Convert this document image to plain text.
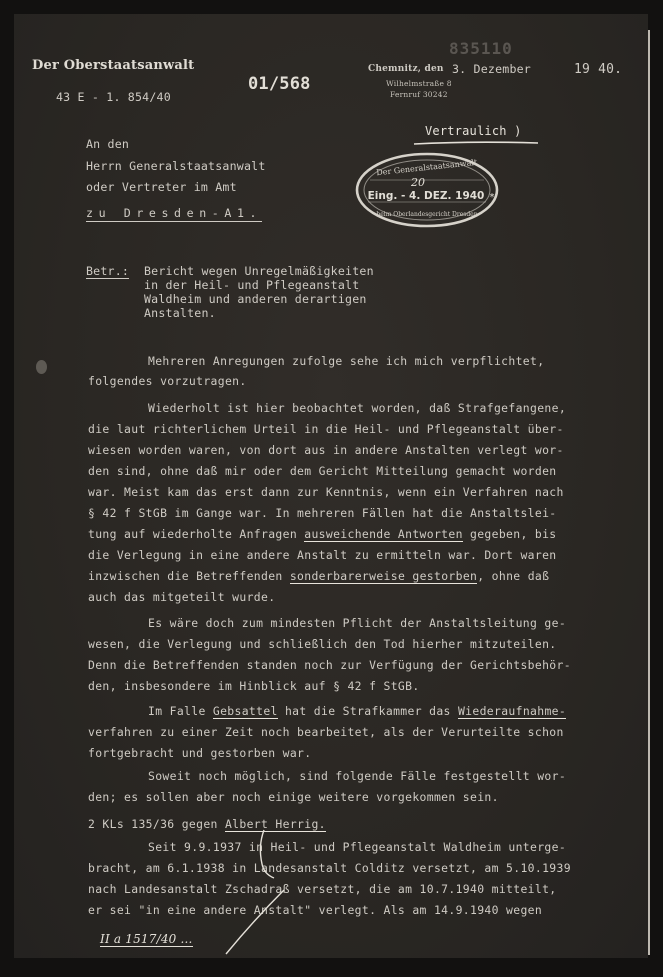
835110
Der Oberstaatsanwalt
43 E - 1. 854/40
01/568
Chemnitz, den
Wilhelmstraße 8
Fernruf 30242
3. Dezember	19 40.
Vertraulich )
Der Generalstaatsanwalt
20
Eing. - 4. DEZ. 1940 *
beim Oberlandesgericht Dresden
An den
Herrn Generalstaatsanwalt
oder Vertreter im Amt
zu Dresden-A1.
Betr.: Bericht wegen Unregelmäßigkeiten
in der Heil- und Pflegeanstalt
Waldheim und anderen derartigen
Anstalten.
Mehreren Anregungen zufolge sehe ich mich verpflichtet,
folgendes vorzutragen.
Wiederholt ist hier beobachtet worden, daß Strafgefangene,
die laut richterlichem Urteil in die Heil- und Pflegeanstalt über-
wiesen worden waren, von dort aus in andere Anstalten verlegt wor-
den sind, ohne daß mir oder dem Gericht Mitteilung gemacht worden
war. Meist kam das erst dann zur Kenntnis, wenn ein Verfahren nach
§ 42 f StGB im Gange war. In mehreren Fällen hat die Anstaltslei-
tung auf wiederholte Anfragen ausweichende Antworten gegeben, bis
die Verlegung in eine andere Anstalt zu ermitteln war. Dort waren
inzwischen die Betreffenden sonderbarerweise gestorben, ohne daß
auch das mitgeteilt wurde.
Es wäre doch zum mindesten Pflicht der Anstaltsleitung ge-
wesen, die Verlegung und schließlich den Tod hierher mitzuteilen.
Denn die Betreffenden standen noch zur Verfügung der Gerichtsbehör-
den, insbesondere im Hinblick auf § 42 f StGB.
Im Falle Gebsattel hat die Strafkammer das Wiederaufnahme-
verfahren zu einer Zeit noch bearbeitet, als der Verurteilte schon
fortgebracht und gestorben war.
Soweit noch möglich, sind folgende Fälle festgestellt wor-
den; es sollen aber noch einige weitere vorgekommen sein.
2 KLs 135/36 gegen Albert Herrig.
Seit 9.9.1937 in Heil- und Pflegeanstalt Waldheim unterge-
bracht, am 6.1.1938 in Landesanstalt Colditz versetzt, am 5.10.1939
nach Landesanstalt Zschadraß versetzt, die am 10.7.1940 mitteilt,
er sei "in eine andere Anstalt" verlegt. Als am 14.9.1940 wegen
II a 1517/40 ...
